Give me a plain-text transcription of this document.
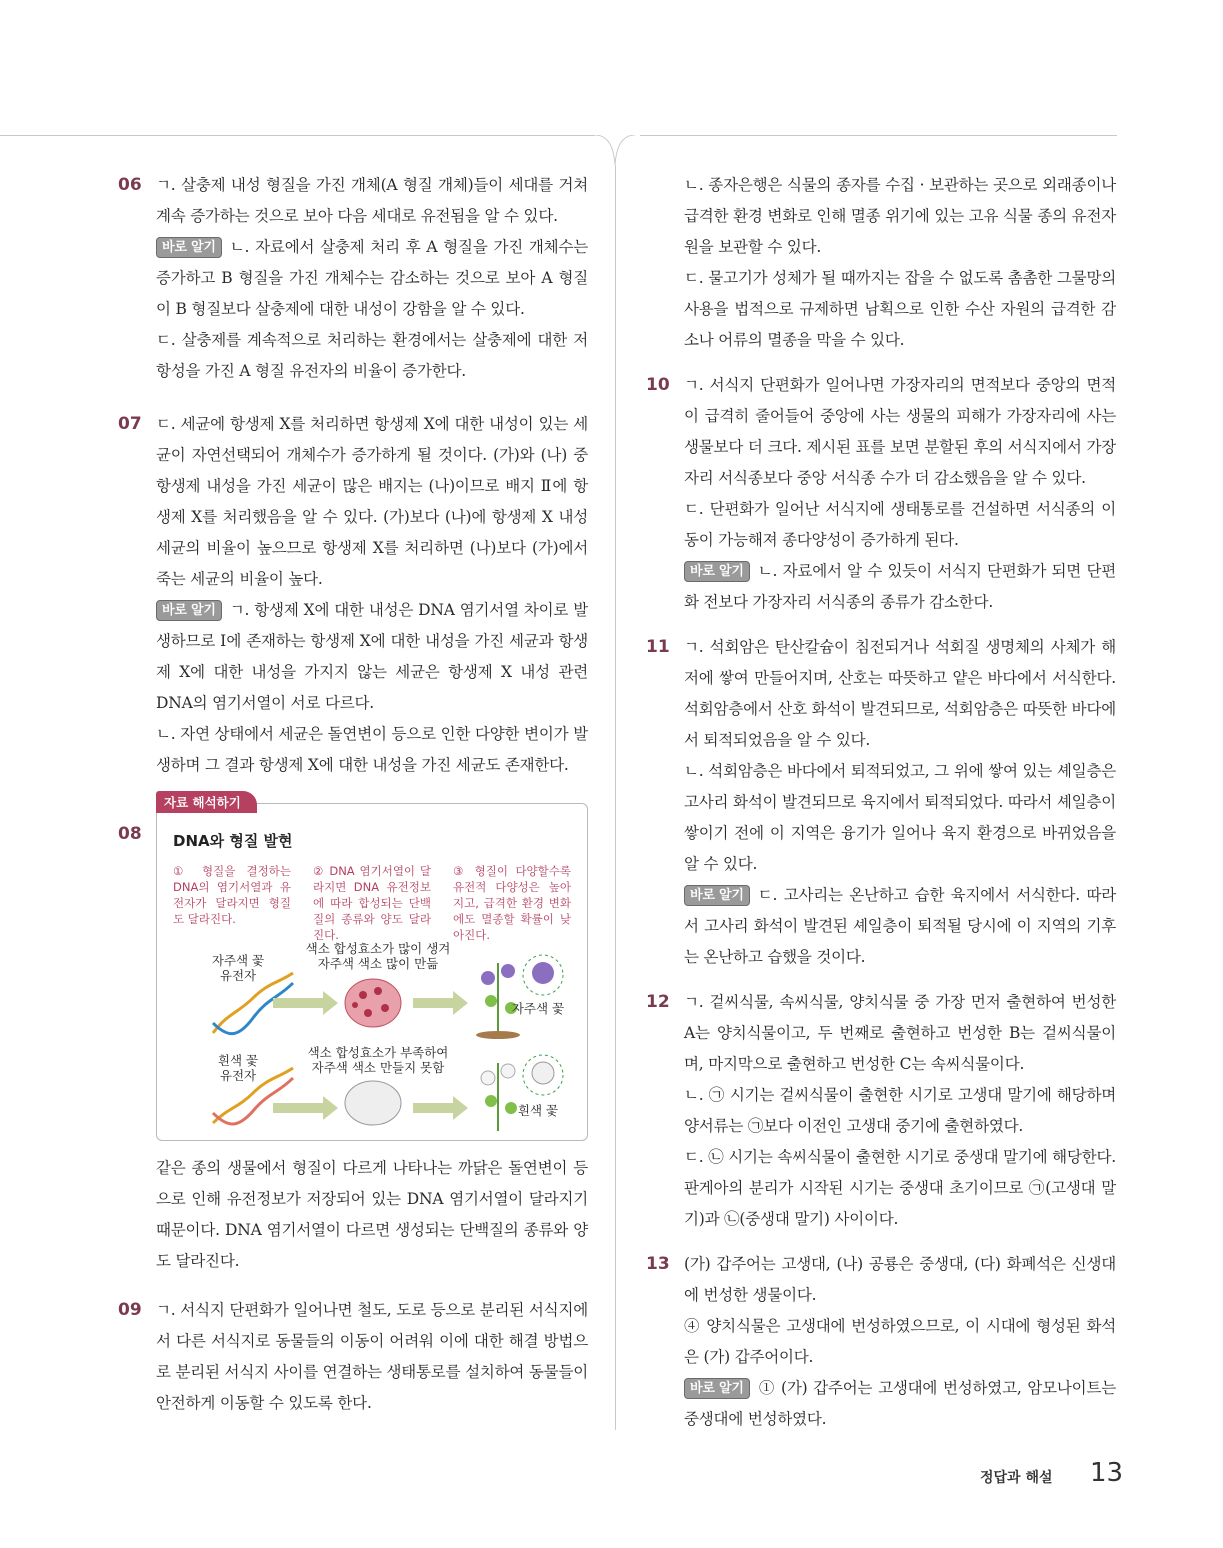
06 ㄱ. 살충제 내성 형질을 가진 개체(A 형질 개체)들이 세대를 거쳐 계속 증가하는 것으로 보아 다음 세대로 유전됨을 알 수 있다.

바로 알기 ㄴ. 자료에서 살충제 처리 후 A 형질을 가진 개체수는 증가하고 B 형질을 가진 개체수는 감소하는 것으로 보아 A 형질이 B 형질보다 살충제에 대한 내성이 강함을 알 수 있다.

ㄷ. 살충제를 계속적으로 처리하는 환경에서는 살충제에 대한 저항성을 가진 A 형질 유전자의 비율이 증가한다.

07 ㄷ. 세균에 항생제 X를 처리하면 항생제 X에 대한 내성이 있는 세균이 자연선택되어 개체수가 증가하게 될 것이다. (가)와 (나) 중 항생제 내성을 가진 세균이 많은 배지는 (나)이므로 배지 Ⅱ에 항생제 X를 처리했음을 알 수 있다. (가)보다 (나)에 항생제 X 내성 세균의 비율이 높으므로 항생제 X를 처리하면 (나)보다 (가)에서 죽는 세균의 비율이 높다.

바로 알기 ㄱ. 항생제 X에 대한 내성은 DNA 염기서열 차이로 발생하므로 Ⅰ에 존재하는 항생제 X에 대한 내성을 가진 세균과 항생제 X에 대한 내성을 가지지 않는 세균은 항생제 X 내성 관련 DNA의 염기서열이 서로 다르다.

ㄴ. 자연 상태에서 세균은 돌연변이 등으로 인한 다양한 변이가 발생하며 그 결과 항생제 X에 대한 내성을 가진 세균도 존재한다.

08
자료 해석하기
DNA와 형질 발현
① 형질을 결정하는 DNA의 염기서열과 유전자가 달라지면 형질도 달라진다.
② DNA 염기서열이 달라지면 DNA 유전정보에 따라 합성되는 단백질의 종류와 양도 달라진다.
③ 형질이 다양할수록 유전적 다양성은 높아지고, 급격한 환경 변화에도 멸종할 확률이 낮아진다.
자주색 꽃
유전자
색소 합성효소가 많이 생겨
자주색 색소 많이 만듦
자주색 꽃
흰색 꽃
유전자
색소 합성효소가 부족하여
자주색 색소 만들지 못함
흰색 꽃

같은 종의 생물에서 형질이 다르게 나타나는 까닭은 돌연변이 등으로 인해 유전정보가 저장되어 있는 DNA 염기서열이 달라지기 때문이다. DNA 염기서열이 다르면 생성되는 단백질의 종류와 양도 달라진다.

09 ㄱ. 서식지 단편화가 일어나면 철도, 도로 등으로 분리된 서식지에서 다른 서식지로 동물들의 이동이 어려워 이에 대한 해결 방법으로 분리된 서식지 사이를 연결하는 생태통로를 설치하여 동물들이 안전하게 이동할 수 있도록 한다.

ㄴ. 종자은행은 식물의 종자를 수집 · 보관하는 곳으로 외래종이나 급격한 환경 변화로 인해 멸종 위기에 있는 고유 식물 종의 유전자원을 보관할 수 있다.

ㄷ. 물고기가 성체가 될 때까지는 잡을 수 없도록 촘촘한 그물망의 사용을 법적으로 규제하면 남획으로 인한 수산 자원의 급격한 감소나 어류의 멸종을 막을 수 있다.

10 ㄱ. 서식지 단편화가 일어나면 가장자리의 면적보다 중앙의 면적이 급격히 줄어들어 중앙에 사는 생물의 피해가 가장자리에 사는 생물보다 더 크다. 제시된 표를 보면 분할된 후의 서식지에서 가장자리 서식종보다 중앙 서식종 수가 더 감소했음을 알 수 있다.

ㄷ. 단편화가 일어난 서식지에 생태통로를 건설하면 서식종의 이동이 가능해져 종다양성이 증가하게 된다.

바로 알기 ㄴ. 자료에서 알 수 있듯이 서식지 단편화가 되면 단편화 전보다 가장자리 서식종의 종류가 감소한다.

11 ㄱ. 석회암은 탄산칼슘이 침전되거나 석회질 생명체의 사체가 해저에 쌓여 만들어지며, 산호는 따뜻하고 얕은 바다에서 서식한다. 석회암층에서 산호 화석이 발견되므로, 석회암층은 따뜻한 바다에서 퇴적되었음을 알 수 있다.

ㄴ. 석회암층은 바다에서 퇴적되었고, 그 위에 쌓여 있는 셰일층은 고사리 화석이 발견되므로 육지에서 퇴적되었다. 따라서 셰일층이 쌓이기 전에 이 지역은 융기가 일어나 육지 환경으로 바뀌었음을 알 수 있다.

바로 알기 ㄷ. 고사리는 온난하고 습한 육지에서 서식한다. 따라서 고사리 화석이 발견된 셰일층이 퇴적될 당시에 이 지역의 기후는 온난하고 습했을 것이다.

12 ㄱ. 겉씨식물, 속씨식물, 양치식물 중 가장 먼저 출현하여 번성한 A는 양치식물이고, 두 번째로 출현하고 번성한 B는 겉씨식물이며, 마지막으로 출현하고 번성한 C는 속씨식물이다.

ㄴ. ㉠ 시기는 겉씨식물이 출현한 시기로 고생대 말기에 해당하며 양서류는 ㉠보다 이전인 고생대 중기에 출현하였다.

ㄷ. ㉡ 시기는 속씨식물이 출현한 시기로 중생대 말기에 해당한다. 판게아의 분리가 시작된 시기는 중생대 초기이므로 ㉠(고생대 말기)과 ㉡(중생대 말기) 사이이다.

13 (가) 갑주어는 고생대, (나) 공룡은 중생대, (다) 화폐석은 신생대에 번성한 생물이다.

④ 양치식물은 고생대에 번성하였으므로, 이 시대에 형성된 화석은 (가) 갑주어이다.

바로 알기 ① (가) 갑주어는 고생대에 번성하였고, 암모나이트는 중생대에 번성하였다.

정답과 해설 13
